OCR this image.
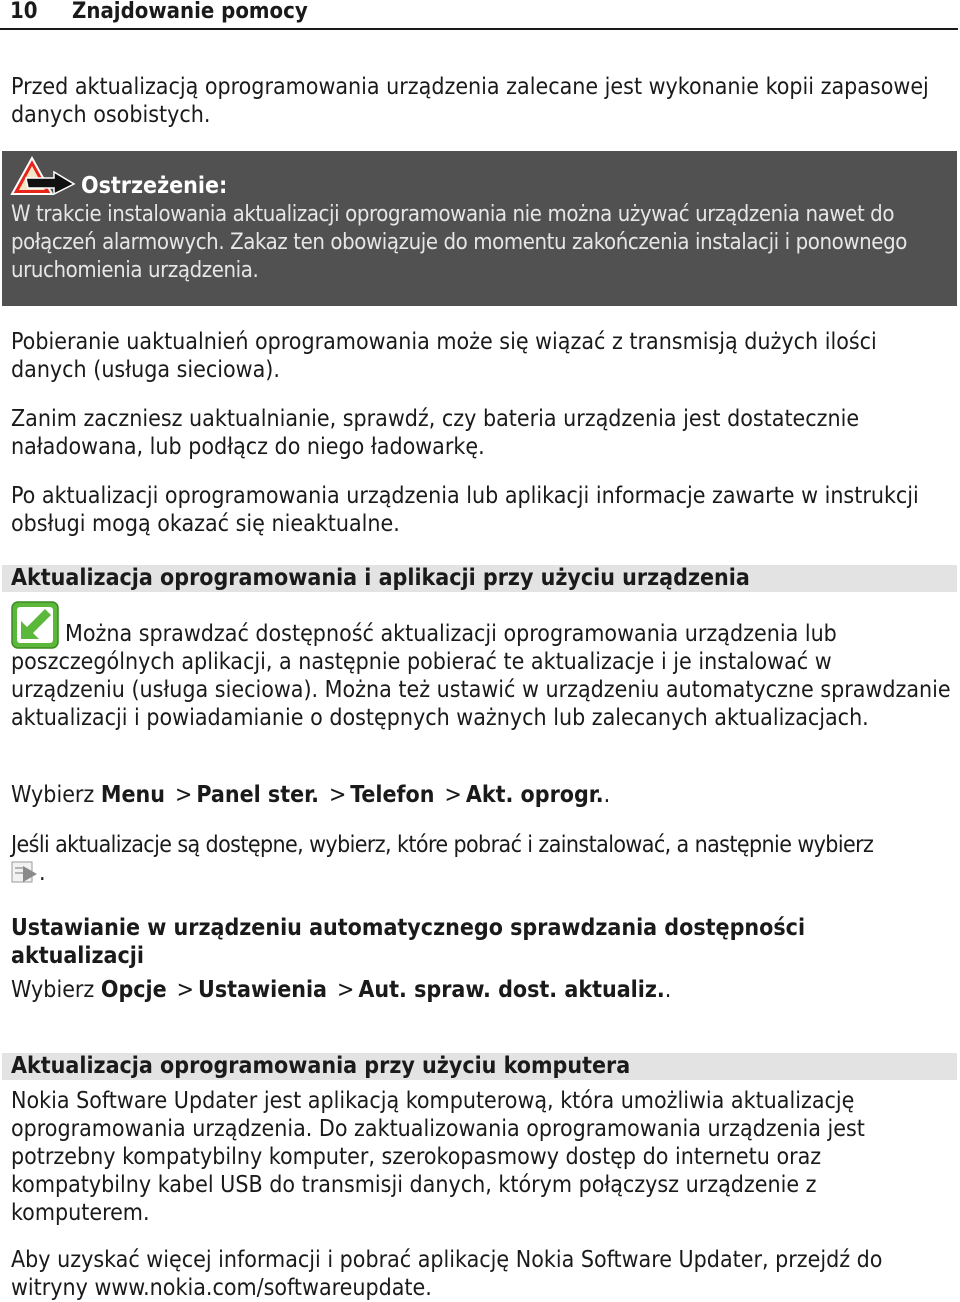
10 Znajdowanie pomocy

Przed aktualizacją oprogramowania urządzenia zalecane jest wykonanie kopii zapasowej danych osobistych.

Ostrzeżenie:
W trakcie instalowania aktualizacji oprogramowania nie można używać urządzenia nawet do połączeń alarmowych. Zakaz ten obowiązuje do momentu zakończenia instalacji i ponownego uruchomienia urządzenia.

Pobieranie uaktualnień oprogramowania może się wiązać z transmisją dużych ilości danych (usługa sieciowa).

Zanim zaczniesz uaktualnianie, sprawdź, czy bateria urządzenia jest dostatecznie naładowana, lub podłącz do niego ładowarkę.

Po aktualizacji oprogramowania urządzenia lub aplikacji informacje zawarte w instrukcji obsługi mogą okazać się nieaktualne.

Aktualizacja oprogramowania i aplikacji przy użyciu urządzenia

Można sprawdzać dostępność aktualizacji oprogramowania urządzenia lub poszczególnych aplikacji, a następnie pobierać te aktualizacje i je instalować w urządzeniu (usługa sieciowa). Można też ustawić w urządzeniu automatyczne sprawdzanie aktualizacji i powiadamianie o dostępnych ważnych lub zalecanych aktualizacjach.

Wybierz Menu > Panel ster. > Telefon > Akt. oprogr..

Jeśli aktualizacje są dostępne, wybierz, które pobrać i zainstalować, a następnie wybierz
.

Ustawianie w urządzeniu automatycznego sprawdzania dostępności aktualizacji

Wybierz Opcje > Ustawienia > Aut. spraw. dost. aktualiz..

Aktualizacja oprogramowania przy użyciu komputera

Nokia Software Updater jest aplikacją komputerową, która umożliwia aktualizację oprogramowania urządzenia. Do zaktualizowania oprogramowania urządzenia jest potrzebny kompatybilny komputer, szerokopasmowy dostęp do internetu oraz kompatybilny kabel USB do transmisji danych, którym połączysz urządzenie z komputerem.

Aby uzyskać więcej informacji i pobrać aplikację Nokia Software Updater, przejdź do witryny www.nokia.com/softwareupdate.
